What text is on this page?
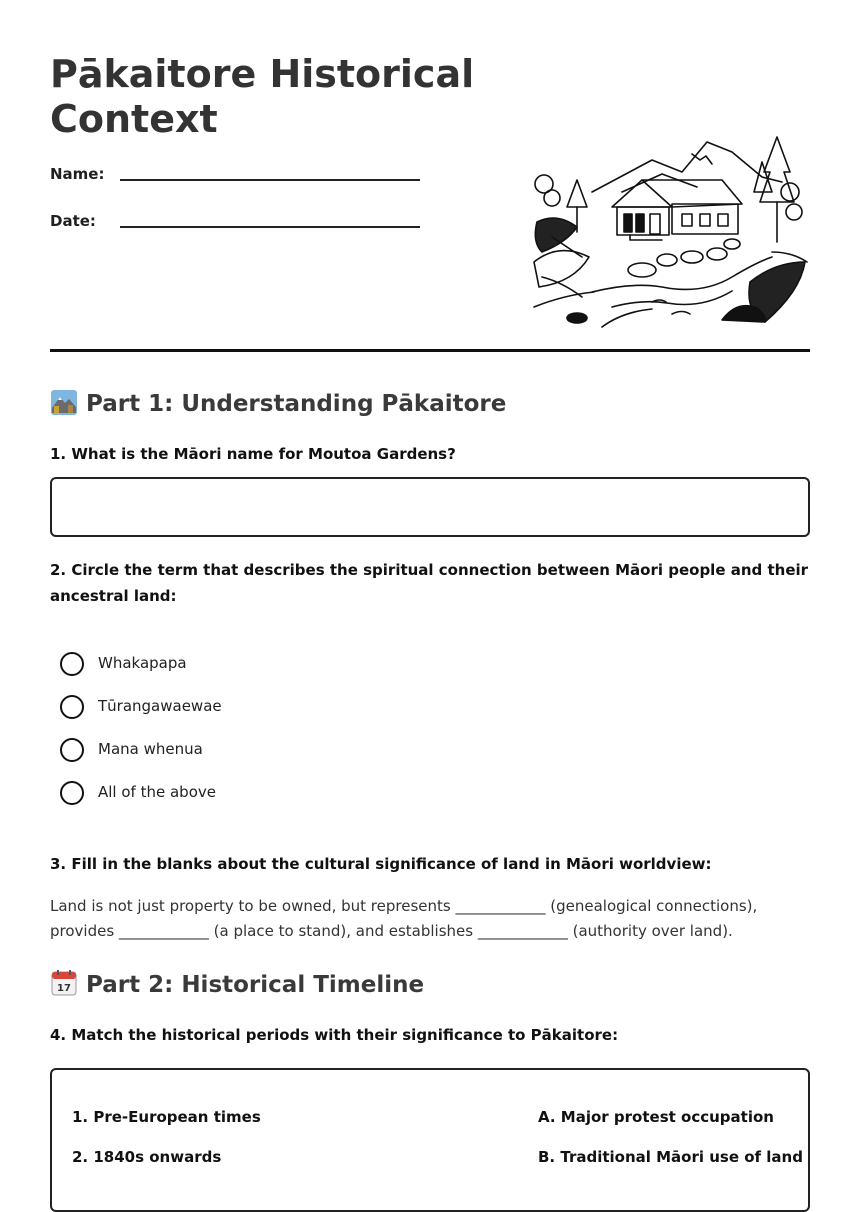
Pākaitore Historical Context
Name:
Date:
Part 1: Understanding Pākaitore
1. What is the Māori name for Moutoa Gardens?
2. Circle the term that describes the spiritual connection between Māori people and their ancestral land:
Whakapapa
Tūrangawaewae
Mana whenua
All of the above
3. Fill in the blanks about the cultural significance of land in Māori worldview:
Land is not just property to be owned, but represents ____________ (genealogical connections), provides ____________ (a place to stand), and establishes ____________ (authority over land).
17 Part 2: Historical Timeline
4. Match the historical periods with their significance to Pākaitore:
1. Pre-European times	A. Major protest occupation
2. 1840s onwards	B. Traditional Māori use of land
